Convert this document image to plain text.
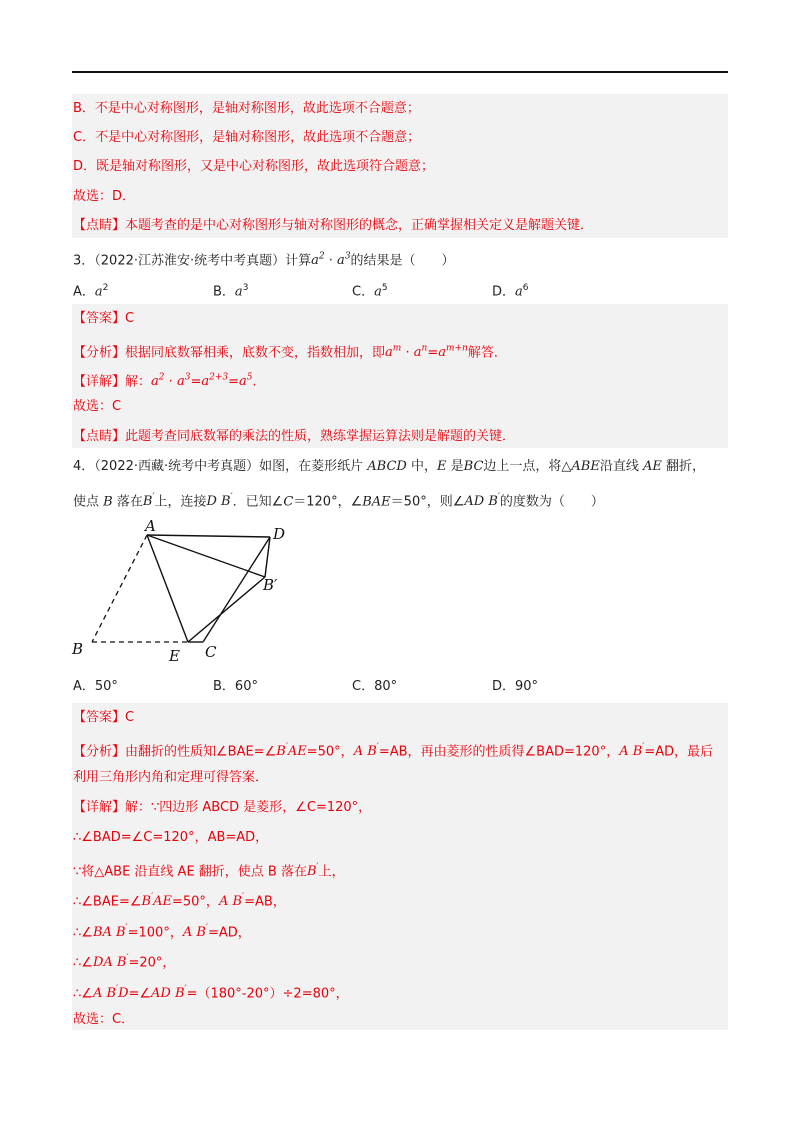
B．不是中心对称图形，是轴对称图形，故此选项不合题意；
C．不是中心对称图形，是轴对称图形，故此选项不合题意；
D．既是轴对称图形，又是中心对称图形，故此选项符合题意；
故选：D．
【点睛】本题考查的是中心对称图形与轴对称图形的概念，正确掌握相关定义是解题关键．
3．（2022·江苏淮安·统考中考真题）计算$a^2 \cdot a^3$的结果是（　　）
A．$a^2$	B．$a^3$	C．$a^5$	D．$a^6$
【答案】C
【分析】根据同底数幂相乘，底数不变，指数相加，即$a^m \cdot a^n=a^{m+n}$解答．
【详解】解：$a^2 \cdot a^3=a^{2+3}=a^5$.
故选：C
【点睛】此题考查同底数幂的乘法的性质，熟练掌握运算法则是解题的关键．
4．（2022·西藏·统考中考真题）如图，在菱形纸片 ABCD 中，E 是BC边上一点，将△ABE沿直线 AE 翻折，
使点 B 落在B′上，连接D B′．已知∠C＝120°，∠BAE＝50°，则∠AD B′的度数为（　　）
A	D
B′
B	E C
A．50°	B．60°	C．80°	D．90°
【答案】C
【分析】由翻折的性质知∠BAE=∠B′AE=50°，A B′=AB，再由菱形的性质得∠BAD=120°，A B′=AD，最后
利用三角形内角和定理可得答案．
【详解】解：∵四边形 ABCD 是菱形，∠C=120°，
∴∠BAD=∠C=120°，AB=AD，
∵将△ABE 沿直线 AE 翻折，使点 B 落在B′上，
∴∠BAE=∠B′AE=50°，A B′=AB，
∴∠BA B′=100°，A B′=AD，
∴∠DA B′=20°，
∴∠A B′D=∠AD B′=（180°-20°）÷2=80°，
故选：C．
